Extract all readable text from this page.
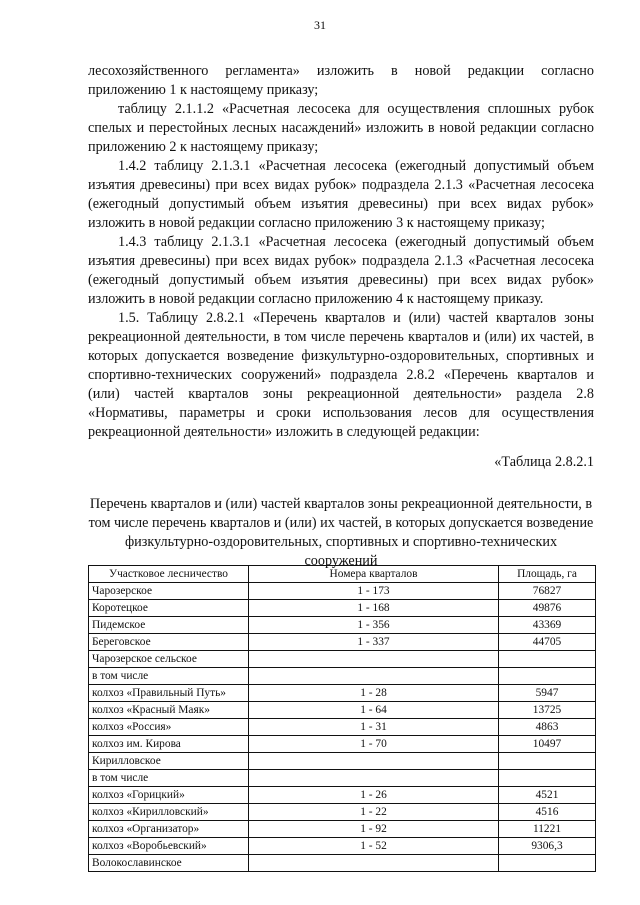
31

лесохозяйственного регламента» изложить в новой редакции согласно приложению 1 к настоящему приказу;

таблицу 2.1.1.2 «Расчетная лесосека для осуществления сплошных рубок спелых и перестойных лесных насаждений» изложить в новой редакции согласно приложению 2 к настоящему приказу;

1.4.2 таблицу 2.1.3.1 «Расчетная лесосека (ежегодный допустимый объем изъятия древесины) при всех видах рубок» подраздела 2.1.3 «Расчетная лесосека (ежегодный допустимый объем изъятия древесины) при всех видах рубок» изложить в новой редакции согласно приложению 3 к настоящему приказу;

1.4.3 таблицу 2.1.3.1 «Расчетная лесосека (ежегодный допустимый объем изъятия древесины) при всех видах рубок» подраздела 2.1.3 «Расчетная лесосека (ежегодный допустимый объем изъятия древесины) при всех видах рубок» изложить в новой редакции согласно приложению 4 к настоящему приказу.

1.5. Таблицу 2.8.2.1 «Перечень кварталов и (или) частей кварталов зоны рекреационной деятельности, в том числе перечень кварталов и (или) их частей, в которых допускается возведение физкультурно-оздоровительных, спортивных и спортивно-технических сооружений» подраздела 2.8.2 «Перечень кварталов и (или) частей кварталов зоны рекреационной деятельности» раздела 2.8 «Нормативы, параметры и сроки использования лесов для осуществления рекреационной деятельности» изложить в следующей редакции:

«Таблица 2.8.2.1
Перечень кварталов и (или) частей кварталов зоны рекреационной деятельности, в том числе перечень кварталов и (или) их частей, в которых допускается возведение физкультурно-оздоровительных, спортивных и спортивно-технических сооружений
Участковое лесничество	Номера кварталов	Площадь, га
Чарозерское	1 - 173	76827
Коротецкое	1 - 168	49876
Пидемское	1 - 356	43369
Береговское	1 - 337	44705
Чарозерское сельское		
в том числе		
колхоз «Правильный Путь»	1 - 28	5947
колхоз «Красный Маяк»	1 - 64	13725
колхоз «Россия»	1 - 31	4863
колхоз им. Кирова	1 - 70	10497
Кирилловское		
в том числе		
колхоз «Горицкий»	1 - 26	4521
колхоз «Кирилловский»	1 - 22	4516
колхоз «Организатор»	1 - 92	11221
колхоз «Воробьевский»	1 - 52	9306,3
Волокославинское		
